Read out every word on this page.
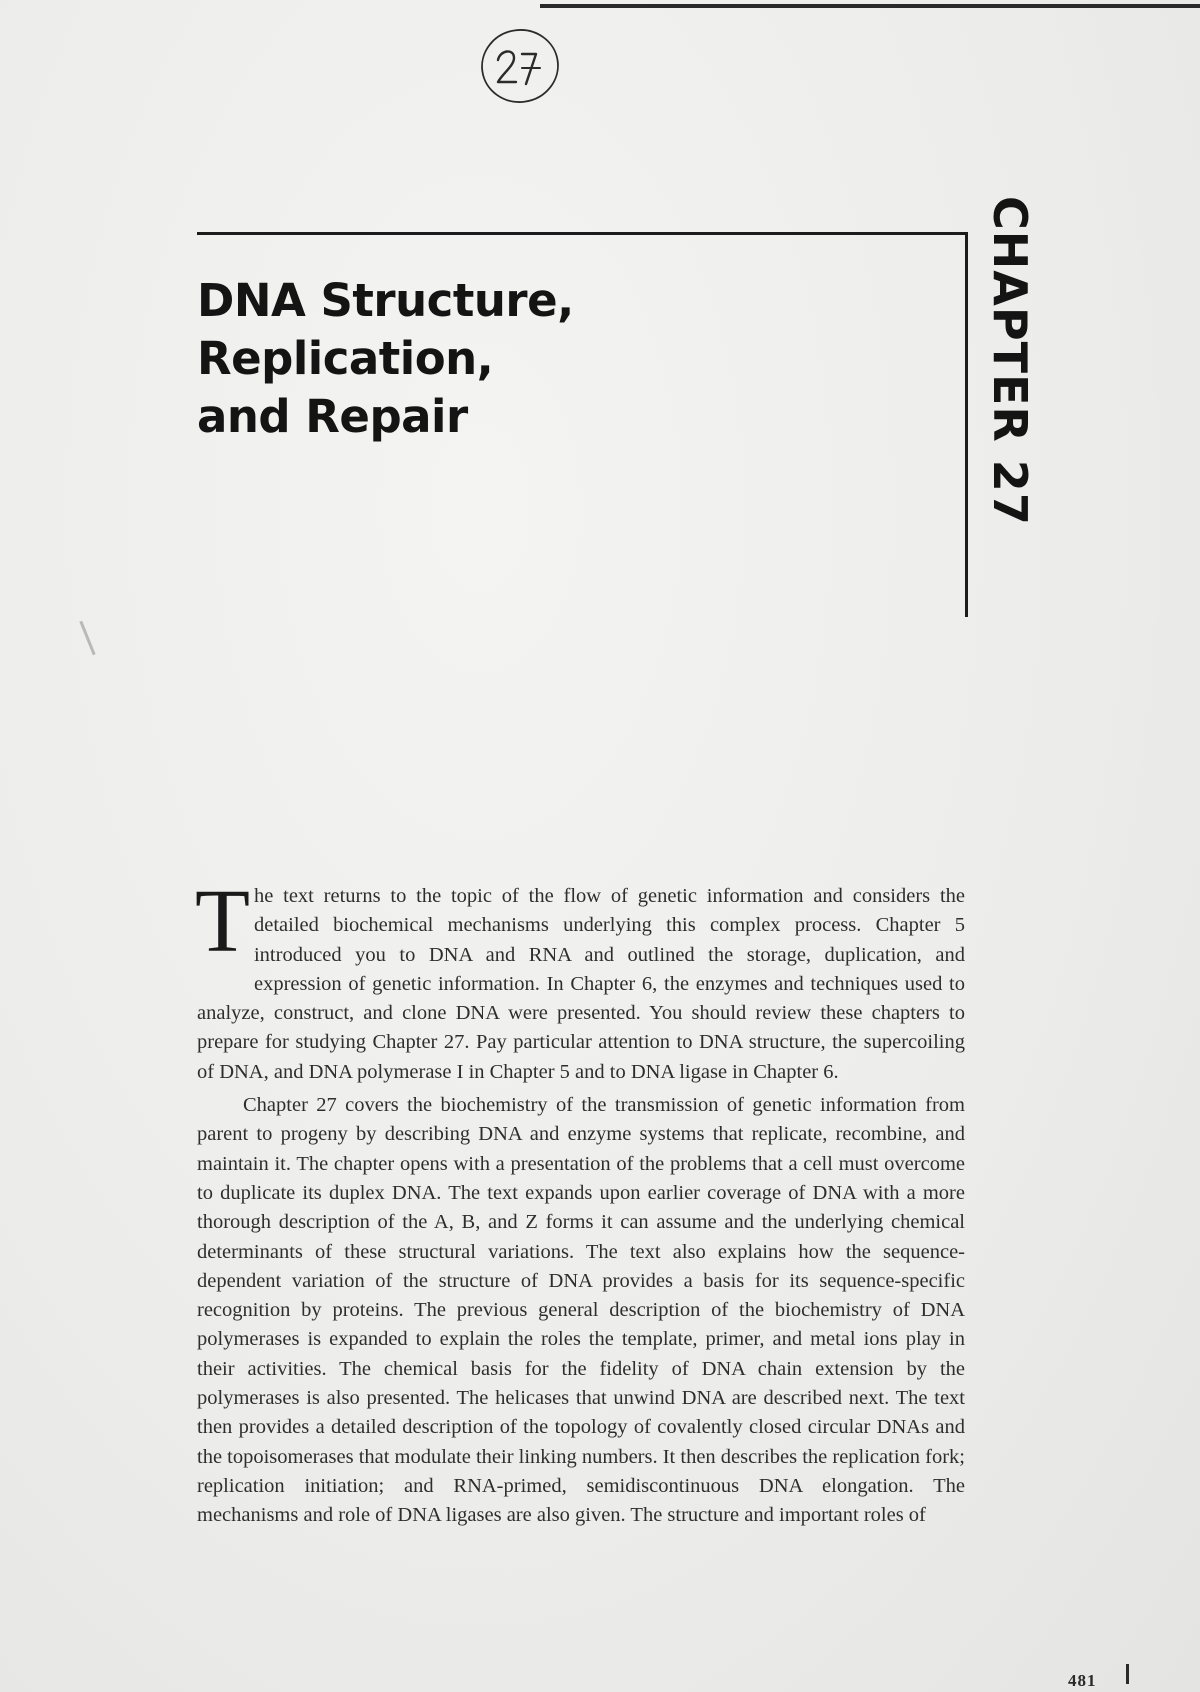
DNA Structure, Replication,
and Repair	CHAPTER 27

The text returns to the topic of the flow of genetic information and considers the detailed biochemical mechanisms underlying this complex process. Chapter 5 introduced you to DNA and RNA and outlined the storage, duplication, and expression of genetic information. In Chapter 6, the enzymes and techniques used to analyze, construct, and clone DNA were presented. You should review these chapters to prepare for studying Chapter 27. Pay particular attention to DNA structure, the supercoiling of DNA, and DNA polymerase I in Chapter 5 and to DNA ligase in Chapter 6.

Chapter 27 covers the biochemistry of the transmission of genetic information from parent to progeny by describing DNA and enzyme systems that replicate, recombine, and maintain it. The chapter opens with a presentation of the problems that a cell must overcome to duplicate its duplex DNA. The text expands upon earlier coverage of DNA with a more thorough description of the A, B, and Z forms it can assume and the underlying chemical determinants of these structural variations. The text also explains how the sequence-dependent variation of the structure of DNA provides a basis for its sequence-specific recognition by proteins. The previous general description of the biochemistry of DNA polymerases is expanded to explain the roles the template, primer, and metal ions play in their activities. The chemical basis for the fidelity of DNA chain extension by the polymerases is also presented. The helicases that unwind DNA are described next. The text then provides a detailed description of the topology of covalently closed circular DNAs and the topoisomerases that modulate their linking numbers. It then describes the replication fork; replication initiation; and RNA-primed, semidiscontinuous DNA elongation. The mechanisms and role of DNA ligases are also given. The structure and important roles of

481
